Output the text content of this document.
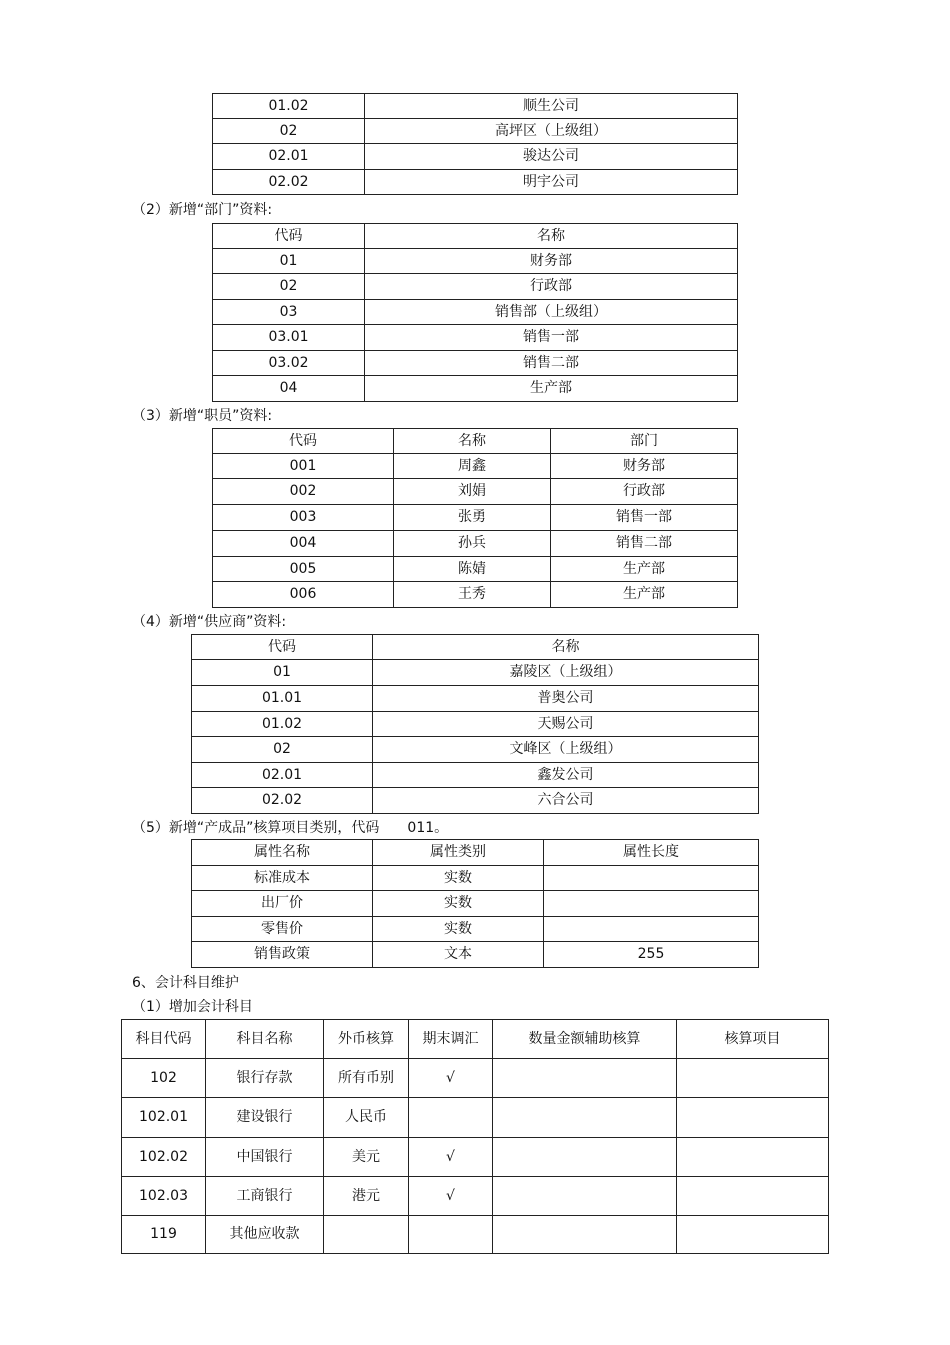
01.02	顺生公司
02	高坪区（上级组）
02.01	骏达公司
02.02	明宇公司
（2）新增“部门”资料:
代码	名称
01	财务部
02	行政部
03	销售部（上级组）
03.01	销售一部
03.02	销售二部
04	生产部
（3）新增“职员”资料:
代码	名称	部门
001	周鑫	财务部
002	刘娟	行政部
003	张勇	销售一部
004	孙兵	销售二部
005	陈婧	生产部
006	王秀	生产部
（4）新增“供应商”资料:
代码	名称
01	嘉陵区（上级组）
01.01	普奥公司
01.02	天赐公司
02	文峰区（上级组）
02.01	鑫发公司
02.02	六合公司
（5）新增“产成品”核算项目类别，代码　　011。
属性名称	属性类别	属性长度
标准成本	实数	
出厂价	实数	
零售价	实数	
销售政策	文本	255
6、会计科目维护
（1）增加会计科目
科目代码	科目名称	外币核算	期末调汇	数量金额辅助核算	核算项目
102	银行存款	所有币别	√		
102.01	建设银行	人民币			
102.02	中国银行	美元	√		
102.03	工商银行	港元	√		
119	其他应收款				
